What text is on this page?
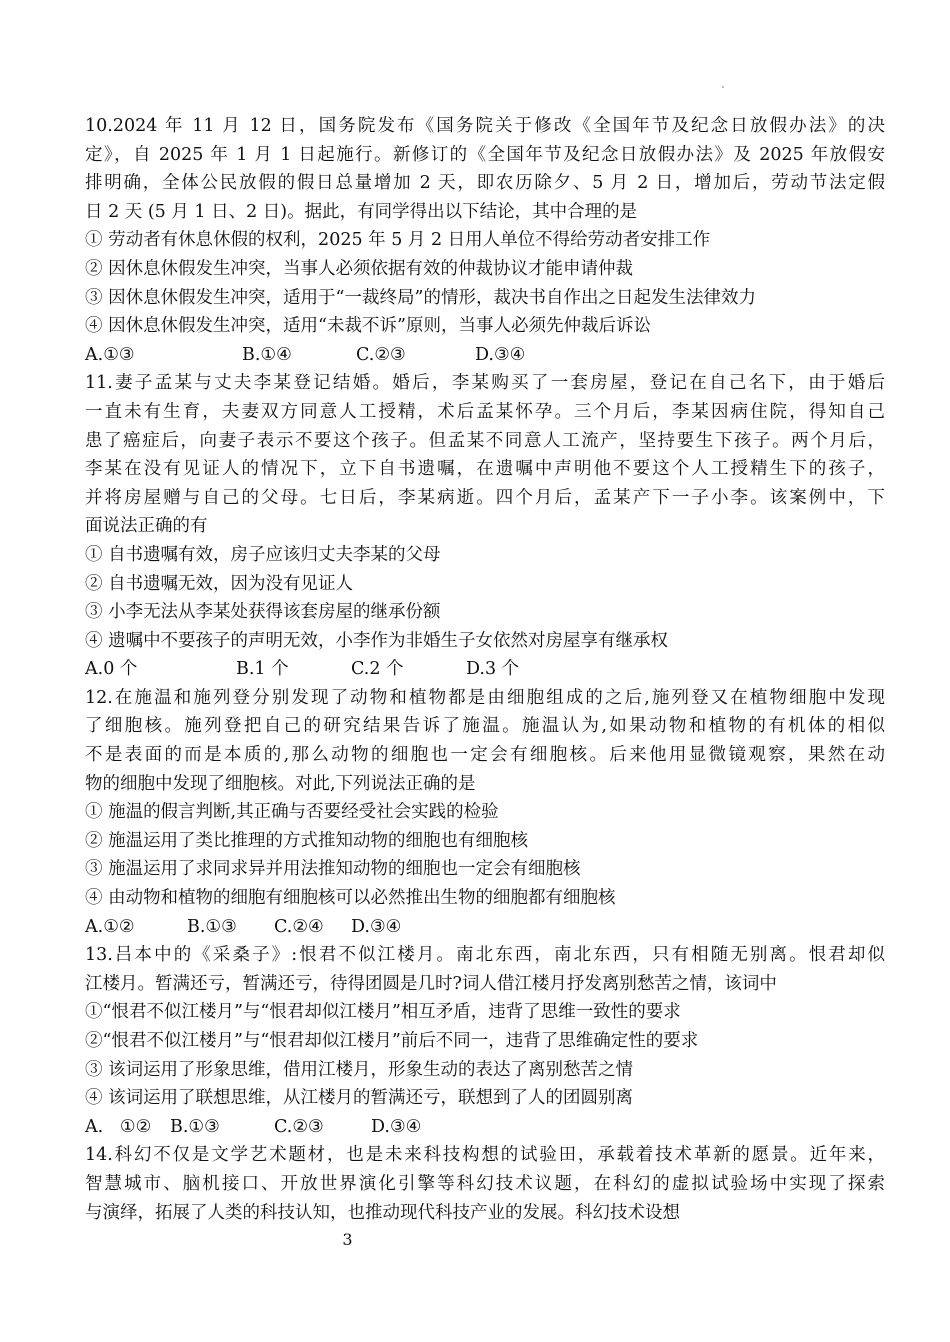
10.2024 年 11 月 12 日，国务院发布《国务院关于修改《全国年节及纪念日放假办法》的决
定》，自 2025 年 1 月 1 日起施行。新修订的《全国年节及纪念日放假办法》及 2025 年放假安
排明确，全体公民放假的假日总量增加 2 天，即农历除夕、5 月 2 日，增加后，劳动节法定假
日 2 天 (5 月 1 日、2 日)。据此，有同学得出以下结论，其中合理的是
① 劳动者有休息休假的权利，2025 年 5 月 2 日用人单位不得给劳动者安排工作
② 因休息休假发生冲突，当事人必须依据有效的仲裁协议才能申请仲裁
③ 因休息休假发生冲突，适用于“一裁终局”的情形，裁决书自作出之日起发生法律效力
④ 因休息休假发生冲突，适用“未裁不诉”原则，当事人必须先仲裁后诉讼
A.①③	B.①④	C.②③	D.③④
11.妻子孟某与丈夫李某登记结婚。婚后，李某购买了一套房屋，登记在自己名下，由于婚后
一直未有生育，夫妻双方同意人工授精，术后孟某怀孕。三个月后，李某因病住院，得知自己
患了癌症后，向妻子表示不要这个孩子。但孟某不同意人工流产，坚持要生下孩子。两个月后，
李某在没有见证人的情况下，立下自书遗嘱，在遗嘱中声明他不要这个人工授精生下的孩子，
并将房屋赠与自己的父母。七日后，李某病逝。四个月后，孟某产下一子小李。该案例中，下
面说法正确的有
① 自书遗嘱有效，房子应该归丈夫李某的父母
② 自书遗嘱无效，因为没有见证人
③ 小李无法从李某处获得该套房屋的继承份额
④ 遗嘱中不要孩子的声明无效，小李作为非婚生子女依然对房屋享有继承权
A.0 个	B.1 个	C.2 个	D.3 个
12.在施温和施列登分别发现了动物和植物都是由细胞组成的之后,施列登又在植物细胞中发现
了细胞核。施列登把自己的研究结果告诉了施温。施温认为,如果动物和植物的有机体的相似
不是表面的而是本质的,那么动物的细胞也一定会有细胞核。后来他用显微镜观察，果然在动
物的细胞中发现了细胞核。对此,下列说法正确的是
① 施温的假言判断,其正确与否要经受社会实践的检验
② 施温运用了类比推理的方式推知动物的细胞也有细胞核
③ 施温运用了求同求异并用法推知动物的细胞也一定会有细胞核
④ 由动物和植物的细胞有细胞核可以必然推出生物的细胞都有细胞核
A.①②	B.①③	C.②④	D.③④
13.吕本中的《采桑子》:恨君不似江楼月。南北东西，南北东西，只有相随无别离。恨君却似
江楼月。暂满还亏，暂满还亏，待得团圆是几时?词人借江楼月抒发离别愁苦之情，该词中
①“恨君不似江楼月”与“恨君却似江楼月”相互矛盾，违背了思维一致性的要求
②“恨君不似江楼月”与“恨君却似江楼月”前后不同一，违背了思维确定性的要求
③ 该词运用了形象思维，借用江楼月，形象生动的表达了离别愁苦之情
④ 该词运用了联想思维，从江楼月的暂满还亏，联想到了人的团圆别离
A.   ①②	B.①③	C.②③	D.③④
14.科幻不仅是文学艺术题材，也是未来科技构想的试验田，承载着技术革新的愿景。近年来，
智慧城市、脑机接口、开放世界演化引擎等科幻技术议题，在科幻的虚拟试验场中实现了探索
与演绎，拓展了人类的科技认知，也推动现代科技产业的发展。科幻技术设想
3
